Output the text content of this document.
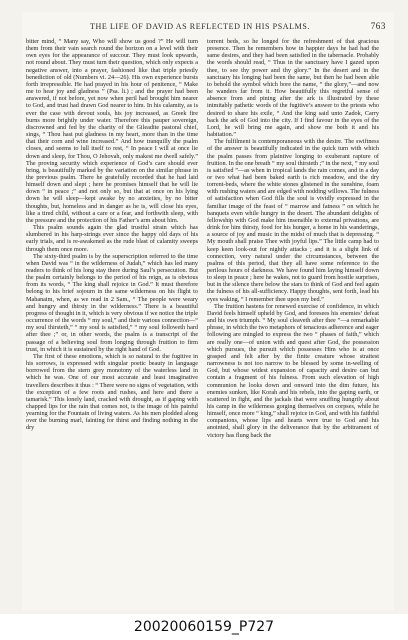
THE LIFE OF DAVID AS REFLECTED IN HIS PSALMS.	763

bitter mind, “ Many say, Who will show us good ?” He will turn them from their vain search round the horizon on a level with their own eyes for the appearance of succour. They must look upwards, not round about. They must turn their question, which only expects a negative answer, into a prayer, fashioned like that triple priestly benediction of old (Numbers vi. 24—26). His own experience bursts forth irrepressible. He had prayed in his hour of penitence, “ Make me to hear joy and gladness ” (Psa. li.) ; and the prayer had been answered, if not before, yet now when peril had brought him nearer to God, and trust had drawn God nearer to him. In his calamity, as is ever the case with devout souls, his joy increased, as Greek fire burns more brightly under water. Therefore this pauper sovereign, discrowned and fed by the charity of the Gileadite pastoral chief, sings, “ Thou hast put gladness in my heart, more than in the time that their corn and wine increased.” And how tranquilly the psalm closes, and seems to lull itself to rest, “ In peace I will at once lie down and sleep, for Thou, O Jehovah, only makest me dwell safely.” The proving security which experience of God’s care should ever bring, is beautifully marked by the variation on the similar phrase in the previous psalm. There he gratefully recorded that he had laid himself down and slept ; here he promises himself that he will lie down “ in peace ;” and not only so, but that at once on his lying down he will sleep—kept awake by no anxieties, by no bitter thoughts, but, homeless and in danger as he is, will close his eyes, like a tired child, without a care or a fear, and forthwith sleep, with the pressure and the protection of his Father’s arm about him.

This psalm sounds again the glad trustful strain which has slumbered in his harp-strings ever since the happy old days of his early trials, and is re-awakened as the rude blast of calamity sweeps through them once more.

The sixty-third psalm is by the superscription referred to the time when David was “ in the wilderness of Judah,” which has led many readers to think of his long stay there during Saul’s persecution. But the psalm certainly belongs to the period of his reign, as is obvious from its words, “ The king shall rejoice in God.” It must therefore belong to his brief sojourn in the same wilderness on his flight to Mahanaim, when, as we read in 2 Sam., “ The people were weary and hungry and thirsty in the wilderness.” There is a beautiful progress of thought in it, which is very obvious if we notice the triple occurrence of the words “ my soul,” and their various connection—“ my soul thirsteth,” “ my soul is satisfied,” “ my soul followeth hard after thee ;” or, in other words, the psalm is a transcript of the passage of a believing soul from longing through fruition to firm trust, in which it is sustained by the right hand of God.

The first of these emotions, which is so natural to the fugitive in his sorrows, is expressed with singular poetic beauty in language borrowed from the stern grey monotony of the waterless land in which he was. One of our most accurate and least imaginative travellers describes it thus : “ There were no signs of vegetation, with the exception of a few roots and rushes, and here and there a tamarisk.” This lonely land, cracked with drought, as if gaping with chapped lips for the rain that comes not, is the image of his painful yearning for the Fountain of living waters. As his men plodded along over the burning marl, fainting for thirst and finding nothing in the dry

torrent beds, so he longed for the refreshment of that gracious presence. Then he remembers how in happier days he had had the same desires, and they had been satisfied in the tabernacle. Probably the words should read, “ Thus in the sanctuary have I gazed upon thee, to see thy power and thy glory.” In the desert and in the sanctuary his longing had been the same, but then he had been able to behold the symbol which bore the name, “ the glory,”—and now he wanders far from it. How beautifully this regretful sense of absence from and pining after the ark is illustrated by these inimitably pathetic words of the fugitive’s answer to the priests who desired to share his exile, “ And the king said unto Zadok, Carry back the ark of God into the city. If I find favour in the eyes of the Lord, he will bring me again, and show me both it and his habitation.”

The fulfilment is contemporaneous with the desire. The swiftness of the answer is beautifully indicated in the quick turn with which the psalm passes from plaintive longing to exuberant rapture of fruition. In the one breath “ my soul thirsteth ;” in the next, “ my soul is satisfied ”—as when in tropical lands the rain comes, and in a day or two what had been baked earth is rich meadow, and the dry torrent-beds, where the white stones glistened in the sunshine, foam with rushing waters and are edged with nodding willows. The fulness of satisfaction when God fills the soul is vividly expressed in the familiar image of the feast of “ marrow and fatness ” on which he banquets even while hungry in the desert. The abundant delights of fellowship with God make him insensible to external privations, are drink for him thirsty, food for his hunger, a home in his wanderings, a source of joy and music in the midst of much that is depressing. “ My mouth shall praise Thee with joyful lips.” The little camp had to keep keen look-out for nightly attacks ; and it is a slight link of connection, very natural under the circumstances, between the psalms of this period, that they all have some reference to the perilous hours of darkness. We have found him laying himself down to sleep in peace ; here he wakes, not to guard from hostile surprises, but in the silence there below the stars to think of God and feel again the fulness of his all-sufficiency. Happy thoughts, sent forth, lead his eyes waking, “ I remember thee upon my bed.”

The fruition hastens for renewed exercise of confidence, in which David feels himself upheld by God, and foresees his enemies’ defeat and his own triumph. “ My soul cleaveth after thee ”—a remarkable phrase, in which the two metaphors of tenacious adherence and eager following are mingled to express the two “ phases of faith,” which are really one—of union with and quest after God, the possession which pursues, the pursuit which possesses Him who is at once grasped and felt after by the finite creature whose straitest narrowness is not too narrow to be blessed by some in-welling of God, but whose widest expansion of capacity and desire can but contain a fragment of his fulness. From such elevation of high communion he looks down and onward into the dim future, his enemies sunken, like Korah and his rebels, into the gaping earth, or scattered in fight, and the jackals that were snuffing hungrily about his camp in the wilderness gorging themselves on corpses, while he himself, once more “ king,” shall rejoice in God, and with his faithful companions, whose lips and hearts were true to God and his anointed, shall glory in the deliverance that by the arbitrament of victory has flung back the

20020060159_P727
